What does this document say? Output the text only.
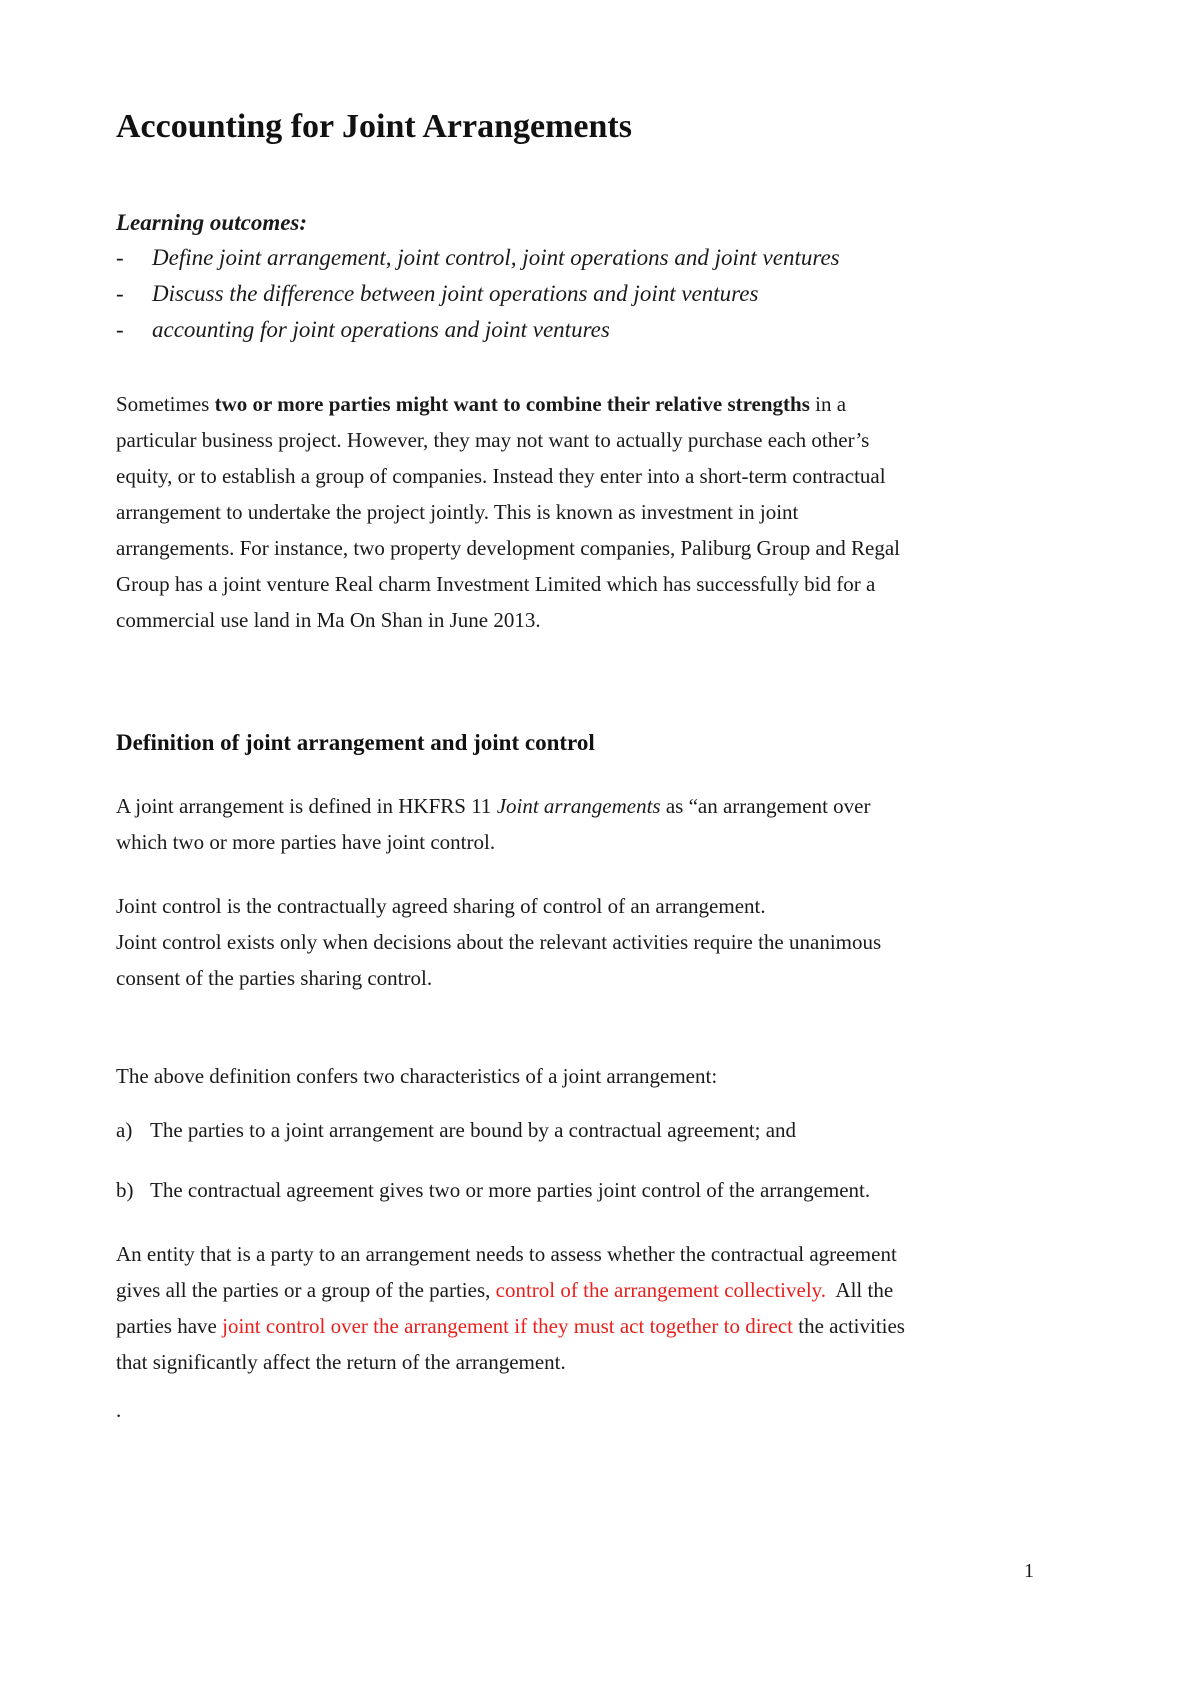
Accounting for Joint Arrangements
Learning outcomes:
- Define joint arrangement, joint control, joint operations and joint ventures
- Discuss the difference between joint operations and joint ventures
- accounting for joint operations and joint ventures
Sometimes two or more parties might want to combine their relative strengths in a
particular business project. However, they may not want to actually purchase each other’s
equity, or to establish a group of companies. Instead they enter into a short-term contractual
arrangement to undertake the project jointly. This is known as investment in joint
arrangements. For instance, two property development companies, Paliburg Group and Regal
Group has a joint venture Real charm Investment Limited which has successfully bid for a
commercial use land in Ma On Shan in June 2013.
Definition of joint arrangement and joint control
A joint arrangement is defined in HKFRS 11 Joint arrangements as “an arrangement over
which two or more parties have joint control.
Joint control is the contractually agreed sharing of control of an arrangement.
Joint control exists only when decisions about the relevant activities require the unanimous
consent of the parties sharing control.
The above definition confers two characteristics of a joint arrangement:
a) The parties to a joint arrangement are bound by a contractual agreement; and
b) The contractual agreement gives two or more parties joint control of the arrangement.
An entity that is a party to an arrangement needs to assess whether the contractual agreement
gives all the parties or a group of the parties, control of the arrangement collectively.  All the
parties have joint control over the arrangement if they must act together to direct the activities
that significantly affect the return of the arrangement.
.
1
